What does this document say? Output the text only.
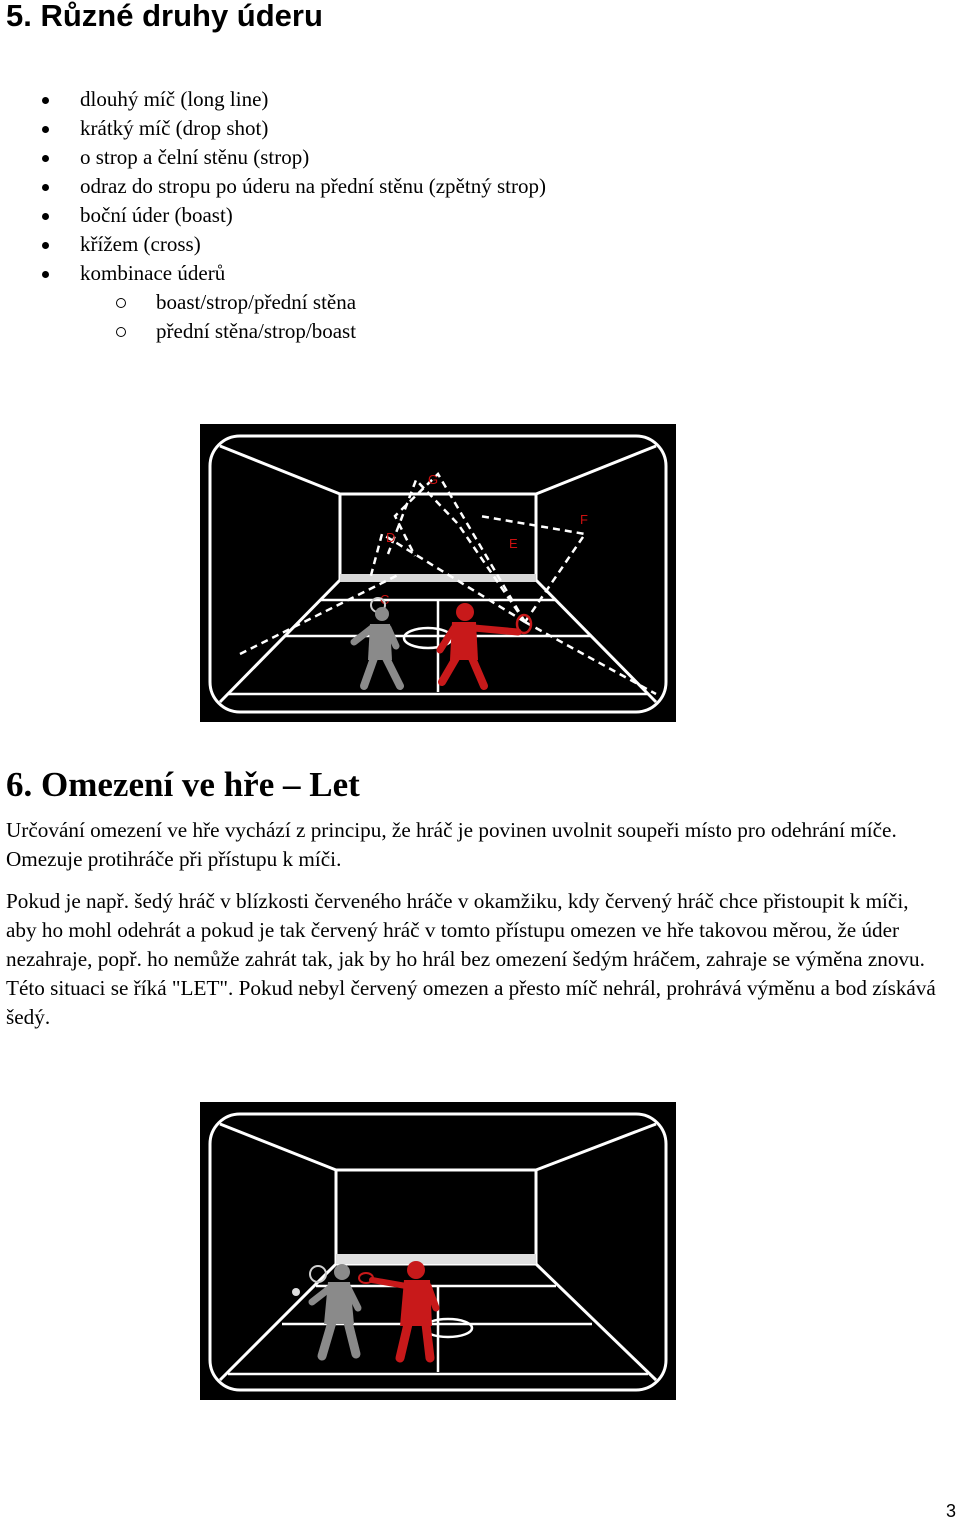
5. Různé druhy úderu
dlouhý míč (long line)
krátký míč (drop shot)
o strop a čelní stěnu (strop)
odraz do stropu po úderu na přední stěnu (zpětný strop)
boční úder (boast)
křížem (cross)
kombinace úderů
boast/strop/přední stěna
přední stěna/strop/boast
G
F
D	E
C
6. Omezení ve hře – Let

Určování omezení ve hře vychází z principu, že hráč je povinen uvolnit soupeři místo pro odehrání míče. Omezuje protihráče při přístupu k míči.

Pokud je např. šedý hráč v blízkosti červeného hráče v okamžiku, kdy červený hráč chce přistoupit k míči, aby ho mohl odehrát a pokud je tak červený hráč v tomto přístupu omezen ve hře takovou měrou, že úder nezahraje, popř. ho nemůže zahrát tak, jak by ho hrál bez omezení šedým hráčem, zahraje se výměna znovu. Této situaci se říká "LET". Pokud nebyl červený omezen a přesto míč nehrál, prohrává výměnu a bod získává šedý.

3
